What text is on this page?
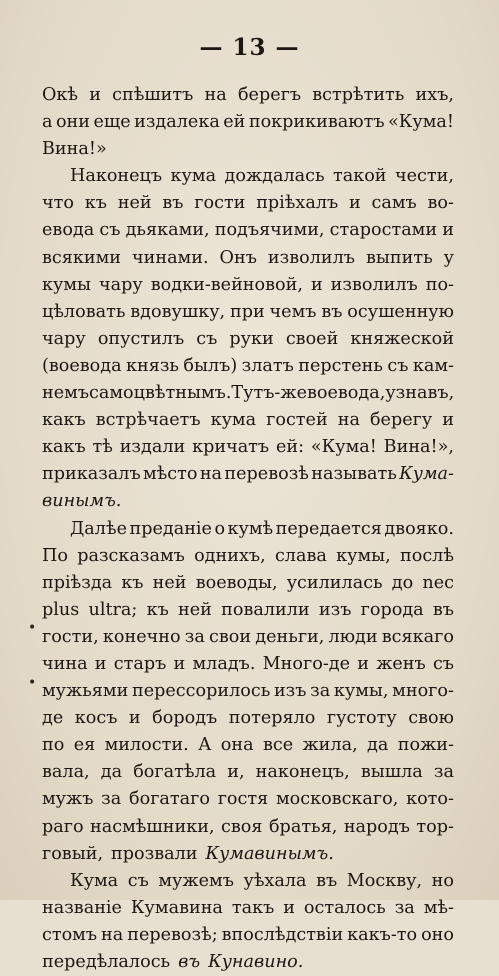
— 13 —
Окѣ и спѣшитъ на берегъ встрѣтить ихъ,
а они еще издалека ей покрикиваютъ «Кума!
Вина!»
Наконецъ кума дождалась такой чести,
что къ ней въ гости пріѣхалъ и самъ во-
евода съ дьяками, подъячими, старостами и
всякими чинами. Онъ изволилъ выпить у
кумы чару водки-вейновой, и изволилъ по-
цѣловать вдовушку, при чемъ въ осушенную
чару опустилъ съ руки своей княжеской
(воевода князь былъ) златъ перстень съ кам-
немъ самоцвѣтнымъ. Тутъ-же воевода, узнавъ,
какъ встрѣчаетъ кума гостей на берегу и
какъ тѣ издали кричатъ ей: «Кума! Вина!»,
приказалъ мѣсто на перевозѣ называть Кума-
винымъ.
Далѣе преданіе о кумѣ передается двояко.
По разсказамъ однихъ, слава кумы, послѣ
пріѣзда къ ней воеводы, усилилась до nec
plus ultra; къ ней повалили изъ города въ
гости, конечно за свои деньги, люди всякаго
чина и старъ и младъ. Много-де и женъ съ
мужьями перессорилось изъ за кумы, много-
де косъ и бородъ потеряло густоту свою
по ея милости. А она все жила, да пожи-
вала, да богатѣла и, наконецъ, вышла за
мужъ за богатаго гостя московскаго, кото-
раго насмѣшники, своя братья, народъ тор-
говый, прозвали Кумавинымъ.
Кума съ мужемъ уѣхала въ Москву, но
названіе Кумавина такъ и осталось за мѣ-
стомъ на перевозѣ; впослѣдствіи какъ-то оно
передѣлалось въ Кунавино.
•
•
